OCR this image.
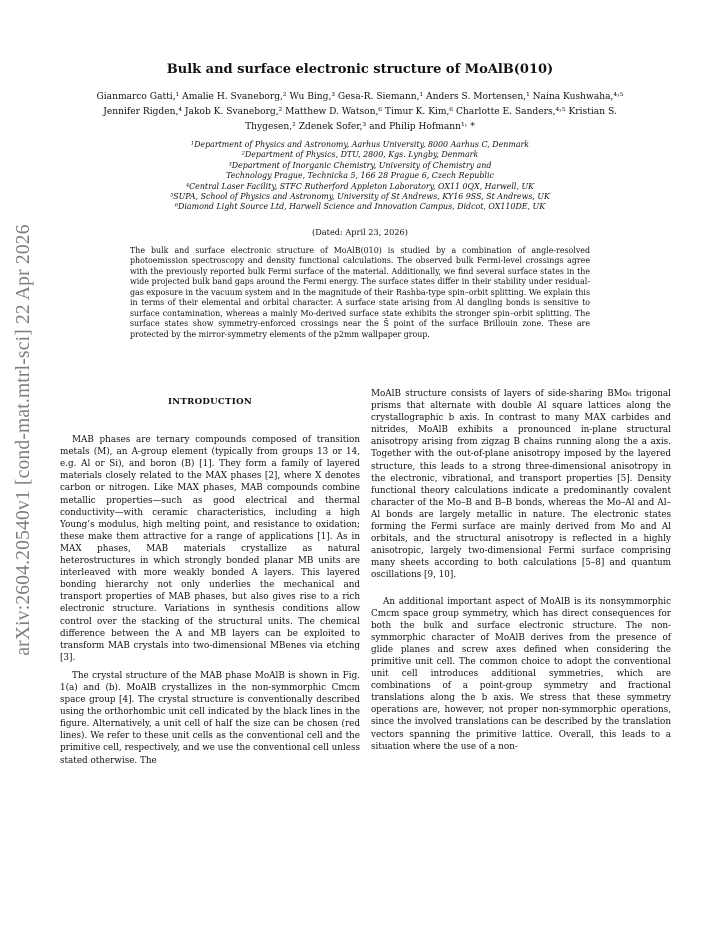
arXiv:2604.20540v1 [cond-mat.mtrl-sci] 22 Apr 2026
Bulk and surface electronic structure of MoAlB(010)

Gianmarco Gatti,¹ Amalie H. Svaneborg,² Wu Bing,³ Gesa-R. Siemann,¹ Anders S. Mortensen,¹ Naina Kushwaha,⁴˒⁵ Jennifer Rigden,⁴ Jakob K. Svaneborg,² Matthew D. Watson,⁶ Timur K. Kim,⁶ Charlotte E. Sanders,⁴˒⁵ Kristian S. Thygesen,² Zdenek Sofer,³ and Philip Hofmann¹˒ *

¹Department of Physics and Astronomy, Aarhus University, 8000 Aarhus C, Denmark
²Department of Physics, DTU, 2800, Kgs. Lyngby, Denmark
³Department of Inorganic Chemistry, University of Chemistry and
Technology Prague, Technicka 5, 166 28 Prague 6, Czech Republic
⁴Central Laser Facility, STFC Rutherford Appleton Laboratory, OX11 0QX, Harwell, UK
⁵SUPA, School of Physics and Astronomy, University of St Andrews, KY16 9SS, St Andrews, UK
⁶Diamond Light Source Ltd, Harwell Science and Innovation Campus, Didcot, OX110DE, UK

(Dated: April 23, 2026)

The bulk and surface electronic structure of MoAlB(010) is studied by a combination of angle-resolved photoemission spectroscopy and density functional calculations. The observed bulk Fermi-level crossings agree with the previously reported bulk Fermi surface of the material. Additionally, we find several surface states in the wide projected bulk band gaps around the Fermi energy. The surface states differ in their stability under residual-gas exposure in the vacuum system and in the magnitude of their Rashba-type spin–orbit splitting. We explain this in terms of their elemental and orbital character. A surface state arising from Al dangling bonds is sensitive to surface contamination, whereas a mainly Mo-derived surface state exhibits the stronger spin–orbit splitting. The surface states show symmetry-enforced crossings near the S̄ point of the surface Brillouin zone. These are protected by the mirror-symmetry elements of the p2mm wallpaper group.

INTRODUCTION

MAB phases are ternary compounds composed of transition metals (M), an A-group element (typically from groups 13 or 14, e.g. Al or Si), and boron (B) [1]. They form a family of layered materials closely related to the MAX phases [2], where X denotes carbon or nitrogen. Like MAX phases, MAB compounds combine metallic properties—such as good electrical and thermal conductivity—with ceramic characteristics, including a high Young’s modulus, high melting point, and resistance to oxidation; these make them attractive for a range of applications [1]. As in MAX phases, MAB materials crystallize as natural heterostructures in which strongly bonded planar MB units are interleaved with more weakly bonded A layers. This layered bonding hierarchy not only underlies the mechanical and transport properties of MAB phases, but also gives rise to a rich electronic structure. Variations in synthesis conditions allow control over the stacking of the structural units. The chemical difference between the A and MB layers can be exploited to transform MAB crystals into two-dimensional MBenes via etching [3].

The crystal structure of the MAB phase MoAlB is shown in Fig. 1(a) and (b). MoAlB crystallizes in the non-symmorphic Cmcm space group [4]. The crystal structure is conventionally described using the orthorhombic unit cell indicated by the black lines in the figure. Alternatively, a unit cell of half the size can be chosen (red lines). We refer to these unit cells as the conventional cell and the primitive cell, respectively, and we use the conventional cell unless stated otherwise. The

MoAlB structure consists of layers of side-sharing BMo₆ trigonal prisms that alternate with double Al square lattices along the crystallographic b axis. In contrast to many MAX carbides and nitrides, MoAlB exhibits a pronounced in-plane structural anisotropy arising from zigzag B chains running along the a axis. Together with the out-of-plane anisotropy imposed by the layered structure, this leads to a strong three-dimensional anisotropy in the electronic, vibrational, and transport properties [5]. Density functional theory calculations indicate a predominantly covalent character of the Mo–B and B–B bonds, whereas the Mo–Al and Al–Al bonds are largely metallic in nature. The electronic states forming the Fermi surface are mainly derived from Mo and Al orbitals, and the structural anisotropy is reflected in a highly anisotropic, largely two-dimensional Fermi surface comprising many sheets according to both calculations [5–8] and quantum oscillations [9, 10].

An additional important aspect of MoAlB is its nonsymmorphic Cmcm space group symmetry, which has direct consequences for both the bulk and surface electronic structure. The non-symmorphic character of MoAlB derives from the presence of glide planes and screw axes defined when considering the primitive unit cell. The common choice to adopt the conventional unit cell introduces additional symmetries, which are combinations of a point-group symmetry and fractional translations along the b axis. We stress that these symmetry operations are, however, not proper non-symmorphic operations, since the involved translations can be described by the translation vectors spanning the primitive lattice. Overall, this leads to a situation where the use of a non-
